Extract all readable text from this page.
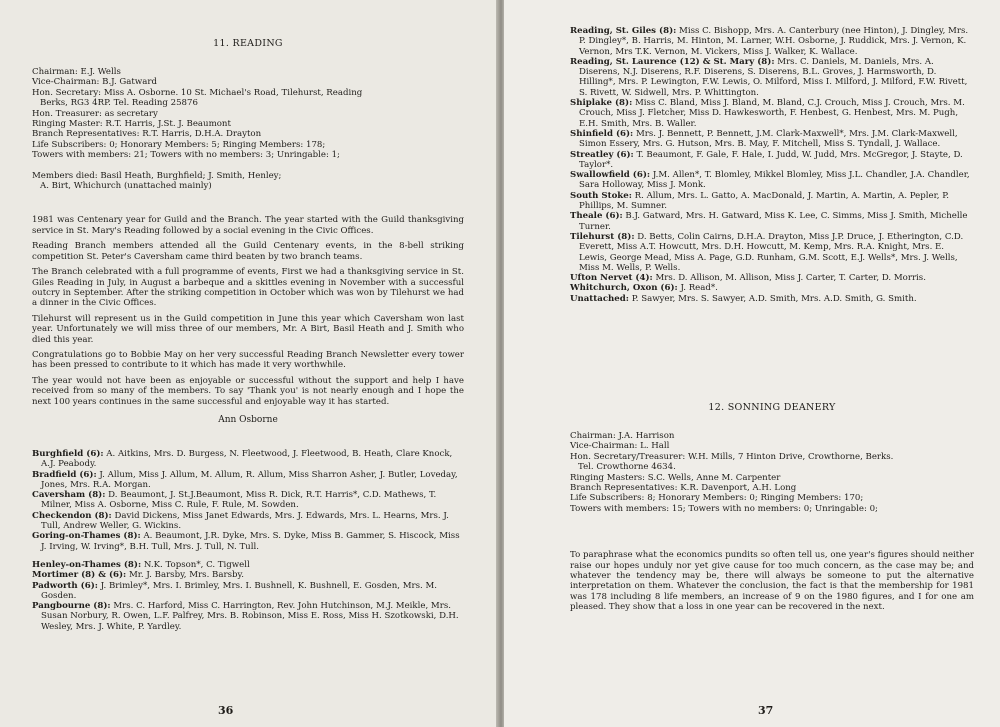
11. READING
Chairman: E.J. Wells
Vice-Chairman: B.J. Gatward
Hon. Secretary: Miss A. Osborne. 10 St. Michael's Road, Tilehurst, Reading
Berks, RG3 4RP. Tel. Reading 25876
Hon. Treasurer: as secretary
Ringing Master: R.T. Harris, J.St. J. Beaumont
Branch Representatives: R.T. Harris, D.H.A. Drayton
Life Subscribers: 0; Honorary Members: 5; Ringing Members: 178;
Towers with members: 21; Towers with no members: 3; Unringable: 1;
Members died: Basil Heath, Burghfield; J. Smith, Henley;
A. Birt, Whichurch (unattached mainly)

1981 was Centenary year for Guild and the Branch. The year started with the Guild thanksgiving service in St. Mary's Reading followed by a social evening in the Civic Offices.

Reading Branch members attended all the Guild Centenary events, in the 8-bell striking competition St. Peter's Caversham came third beaten by two branch teams.

The Branch celebrated with a full programme of events, First we had a thanksgiving service in St. Giles Reading in July, in August a barbeque and a skittles evening in November with a successful outcry in September. After the striking competition in October which was won by Tilehurst we had a dinner in the Civic Offices.

Tilehurst will represent us in the Guild competition in June this year which Caversham won last year. Unfortunately we will miss three of our members, Mr. A Birt, Basil Heath and J. Smith who died this year.

Congratulations go to Bobbie May on her very successful Reading Branch Newsletter every tower has been pressed to contribute to it which has made it very worthwhile.

The year would not have been as enjoyable or successful without the support and help I have received from so many of the members. To say 'Thank you' is not nearly enough and I hope the next 100 years continues in the same successful and enjoyable way it has started.

Ann Osborne

Burghfield (6): A. Aitkins, Mrs. D. Burgess, N. Fleetwood, J. Fleetwood, B. Heath, Clare Knock, A.J. Peabody.

Bradfield (6): J. Allum, Miss J. Allum, M. Allum, R. Allum, Miss Sharron Asher, J. Butler, Loveday, Jones, Mrs. R.A. Morgan.

Caversham (8): D. Beaumont, J. St.J.Beaumont, Miss R. Dick, R.T. Harris*, C.D. Mathews, T. Milner, Miss A. Osborne, Miss C. Rule, F. Rule, M. Sowden.

Checkendon (8): David Dickens, Miss Janet Edwards, Mrs. J. Edwards, Mrs. L. Hearns, Mrs. J. Tull, Andrew Weller, G. Wickins.

Goring-on-Thames (8): A. Beaumont, J.R. Dyke, Mrs. S. Dyke, Miss B. Gammer, S. Hiscock, Miss J. Irving, W. Irving*, B.H. Tull, Mrs. J. Tull, N. Tull.

Henley-on-Thames (8): N.K. Topson*, C. Tigwell

Mortimer (8) & (6): Mr. J. Barsby, Mrs. Barsby.

Padworth (6): J. Brimley*, Mrs. I. Brimley, Mrs. I. Bushnell, K. Bushnell, E. Gosden, Mrs. M. Gosden.

Pangbourne (8): Mrs. C. Harford, Miss C. Harrington, Rev. John Hutchinson, M.J. Meikle, Mrs. Susan Norbury, R. Owen, L.F. Palfrey, Mrs. B. Robinson, Miss E. Ross, Miss H. Szotkowski, D.H. Wesley, Mrs. J. White, P. Yardley.

36

Reading, St. Giles (8): Miss C. Bishopp, Mrs. A. Canterbury (nee Hinton), J. Dingley, Mrs. P. Dingley*, B. Harris, M. Hinton, M. Larner, W.H. Osborne, J. Ruddick, Mrs. J. Vernon, K. Vernon, Mrs T.K. Vernon, M. Vickers, Miss J. Walker, K. Wallace.

Reading, St. Laurence (12) & St. Mary (8): Mrs. C. Daniels, M. Daniels, Mrs. A. Diserens, N.J. Diserens, R.F. Diserens, S. Diserens, B.L. Groves, J. Harmsworth, D. Hilling*, Mrs. P. Lewington, F.W. Lewis, O. Milford, Miss I. Milford, J. Milford, F.W. Rivett, S. Rivett, W. Sidwell, Mrs. P. Whittington.

Shiplake (8): Miss C. Bland, Miss J. Bland, M. Bland, C.J. Crouch, Miss J. Crouch, Mrs. M. Crouch, Miss J. Fletcher, Miss D. Hawkesworth, F. Henbest, G. Henbest, Mrs. M. Pugh, E.H. Smith, Mrs. B. Waller.

Shinfield (6): Mrs. J. Bennett, P. Bennett, J.M. Clark-Maxwell*, Mrs. J.M. Clark-Maxwell, Simon Essery, Mrs. G. Hutson, Mrs. B. May, F. Mitchell, Miss S. Tyndall, J. Wallace.

Streatley (6): T. Beaumont, F. Gale, F. Hale, I. Judd, W. Judd, Mrs. McGregor, J. Stayte, D. Taylor*.

Swallowfield (6): J.M. Allen*, T. Blomley, Mikkel Blomley, Miss J.L. Chandler, J.A. Chandler, Sara Holloway, Miss J. Monk.

South Stoke: R. Allum, Mrs. L. Gatto, A. MacDonald, J. Martin, A. Martin, A. Pepler, P. Phillips, M. Sumner.

Theale (6): B.J. Gatward, Mrs. H. Gatward, Miss K. Lee, C. Simms, Miss J. Smith, Michelle Turner.

Tilehurst (8): D. Betts, Colin Cairns, D.H.A. Drayton, Miss J.P. Druce, J. Etherington, C.D. Everett, Miss A.T. Howcutt, Mrs. D.H. Howcutt, M. Kemp, Mrs. R.A. Knight, Mrs. E. Lewis, George Mead, Miss A. Page, G.D. Runham, G.M. Scott, E.J. Wells*, Mrs. J. Wells, Miss M. Wells, P. Wells.

Ufton Nervet (4): Mrs. D. Allison, M. Allison, Miss J. Carter, T. Carter, D. Morris.

Whitchurch, Oxon (6): J. Read*.

Unattached: P. Sawyer, Mrs. S. Sawyer, A.D. Smith, Mrs. A.D. Smith, G. Smith.

12. SONNING DEANERY
Chairman: J.A. Harrison
Vice-Chairman: L. Hall
Hon. Secretary/Treasurer: W.H. Mills, 7 Hinton Drive, Crowthorne, Berks.
Tel. Crowthorne 4634.
Ringing Masters: S.C. Wells, Anne M. Carpenter
Branch Representatives: K.R. Davenport, A.H. Long
Life Subscribers: 8; Honorary Members: 0; Ringing Members: 170;
Towers with members: 15; Towers with no members: 0; Unringable: 0;

To paraphrase what the economics pundits so often tell us, one year's figures should neither raise our hopes unduly nor yet give cause for too much concern, as the case may be; and whatever the tendency may be, there will always be someone to put the alternative interpretation on them. Whatever the conclusion, the fact is that the membership for 1981 was 178 including 8 life members, an increase of 9 on the 1980 figures, and I for one am pleased. They show that a loss in one year can be recovered in the next.

37
